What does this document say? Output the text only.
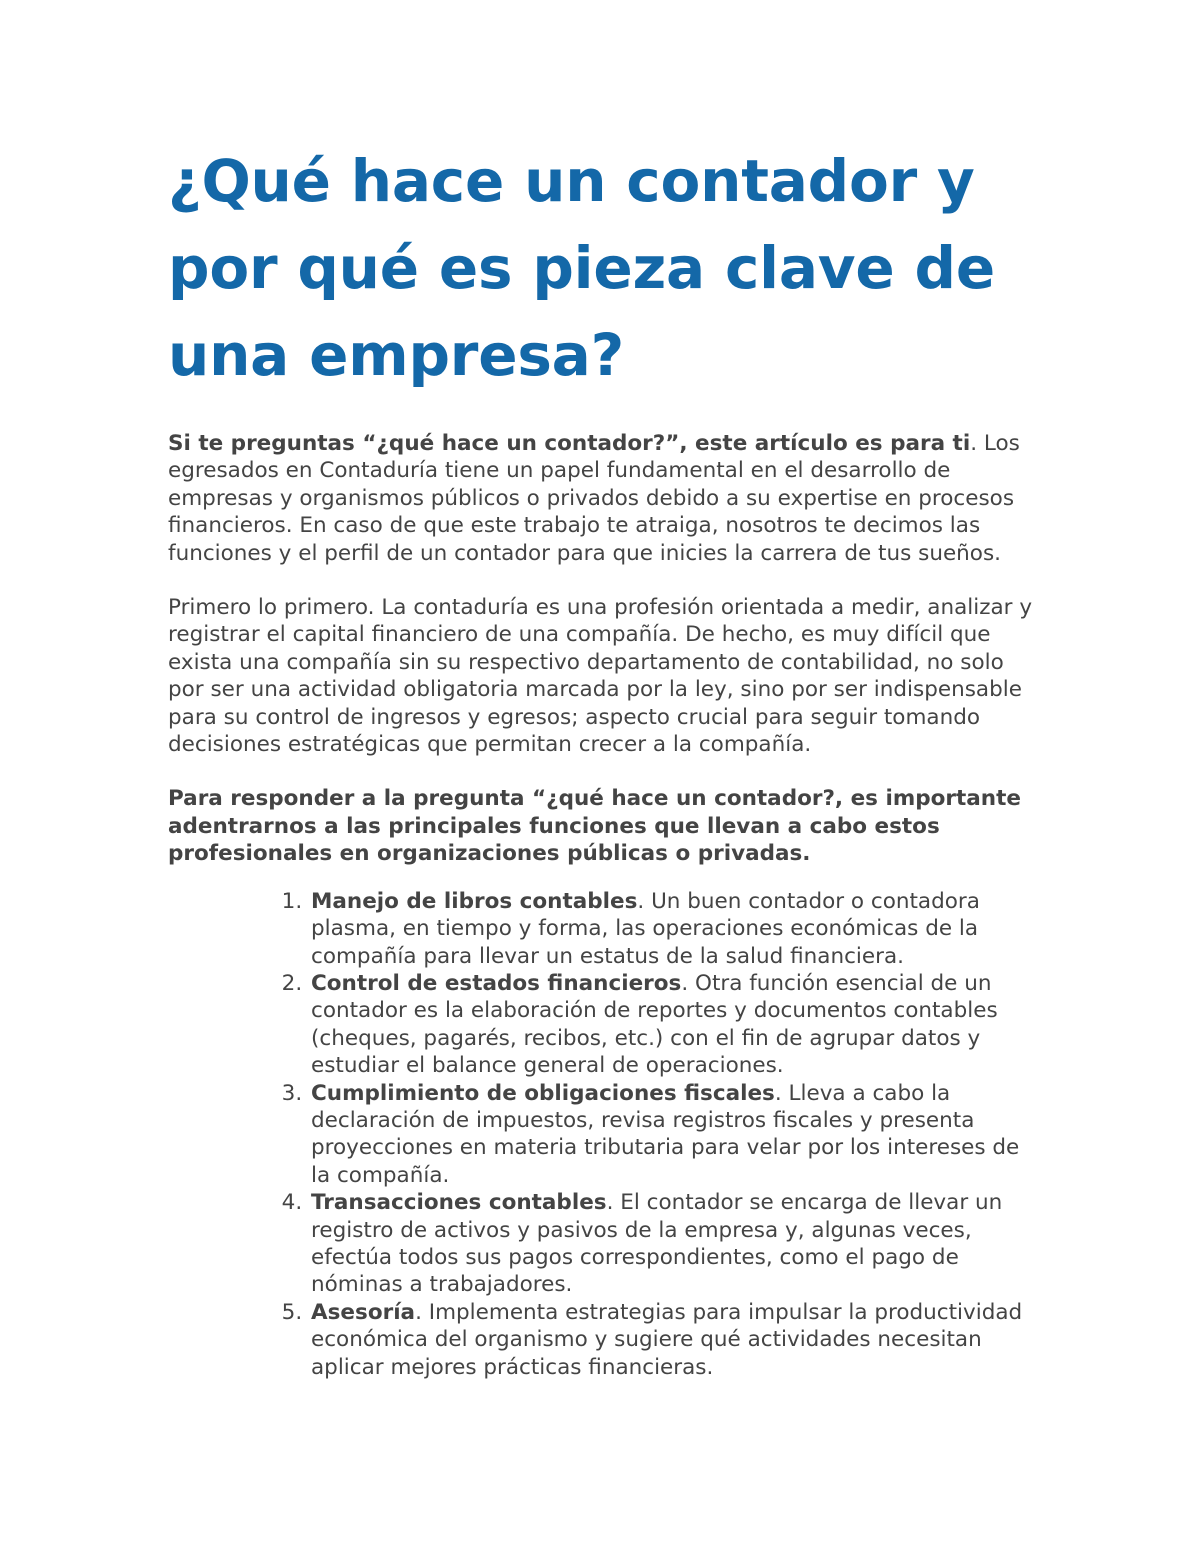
¿Qué hace un contador y por qué es pieza clave de una empresa?

Si te preguntas “¿qué hace un contador?”, este artículo es para ti. Los egresados en Contaduría tiene un papel fundamental en el desarrollo de empresas y organismos públicos o privados debido a su expertise en procesos financieros. En caso de que este trabajo te atraiga, nosotros te decimos las funciones y el perfil de un contador para que inicies la carrera de tus sueños.

Primero lo primero. La contaduría es una profesión orientada a medir, analizar y registrar el capital financiero de una compañía. De hecho, es muy difícil que exista una compañía sin su respectivo departamento de contabilidad, no solo por ser una actividad obligatoria marcada por la ley, sino por ser indispensable para su control de ingresos y egresos; aspecto crucial para seguir tomando decisiones estratégicas que permitan crecer a la compañía.

Para responder a la pregunta “¿qué hace un contador?, es importante adentrarnos a las principales funciones que llevan a cabo estos profesionales en organizaciones públicas o privadas.

1. Manejo de libros contables. Un buen contador o contadora plasma, en tiempo y forma, las operaciones económicas de la compañía para llevar un estatus de la salud financiera.
2. Control de estados financieros. Otra función esencial de un contador es la elaboración de reportes y documentos contables (cheques, pagarés, recibos, etc.) con el fin de agrupar datos y estudiar el balance general de operaciones.
3. Cumplimiento de obligaciones fiscales. Lleva a cabo la declaración de impuestos, revisa registros fiscales y presenta proyecciones en materia tributaria para velar por los intereses de la compañía.
4. Transacciones contables. El contador se encarga de llevar un registro de activos y pasivos de la empresa y, algunas veces, efectúa todos sus pagos correspondientes, como el pago de nóminas a trabajadores.
5. Asesoría. Implementa estrategias para impulsar la productividad económica del organismo y sugiere qué actividades necesitan aplicar mejores prácticas financieras.
